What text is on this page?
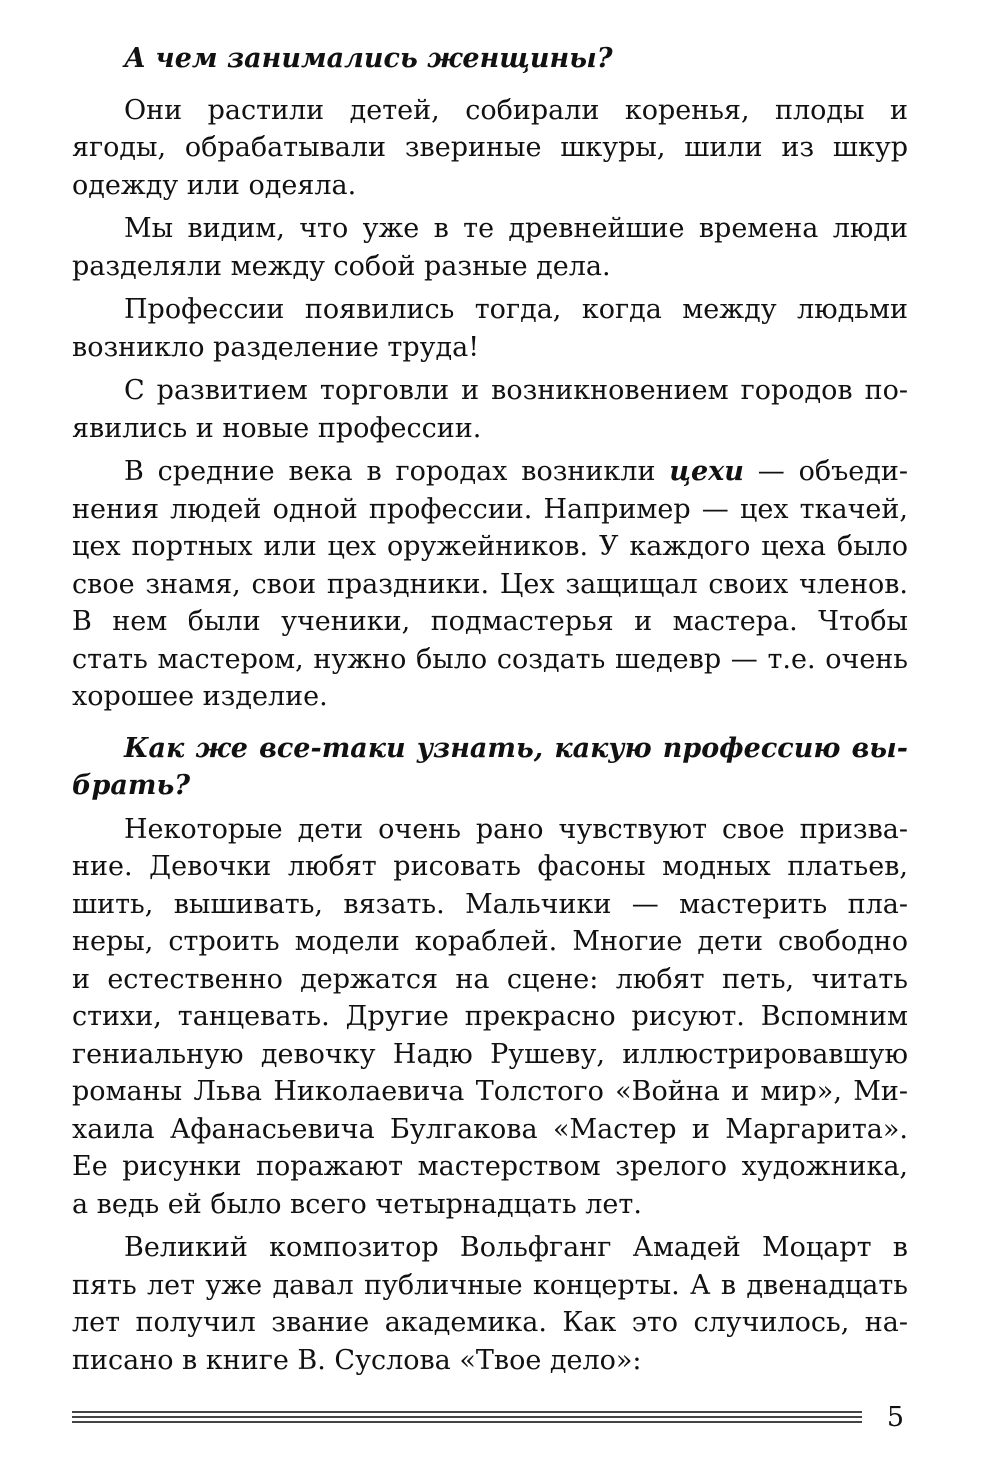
А чем занимались женщины?
Они растили детей, собирали коренья, плоды и
ягоды, обрабатывали звериные шкуры, шили из шкур
одежду или одеяла.
Мы видим, что уже в те древнейшие времена люди
разделяли между собой разные дела.
Профессии появились тогда, когда между людьми
возникло разделение труда!
С развитием торговли и возникновением городов по-
явились и новые профессии.
В средние века в городах возникли цехи — объеди-
нения людей одной профессии. Например — цех ткачей,
цех портных или цех оружейников. У каждого цеха было
свое знамя, свои праздники. Цех защищал своих членов.
В нем были ученики, подмастерья и мастера. Чтобы
стать мастером, нужно было создать шедевр — т.е. очень
хорошее изделие.
Как же все-таки узнать, какую профессию вы-
брать?
Некоторые дети очень рано чувствуют свое призва-
ние. Девочки любят рисовать фасоны модных платьев,
шить, вышивать, вязать. Мальчики — мастерить пла-
неры, строить модели кораблей. Многие дети свободно
и естественно держатся на сцене: любят петь, читать
стихи, танцевать. Другие прекрасно рисуют. Вспомним
гениальную девочку Надю Рушеву, иллюстрировавшую
романы Льва Николаевича Толстого «Война и мир», Ми-
хаила Афанасьевича Булгакова «Мастер и Маргарита».
Ее рисунки поражают мастерством зрелого художника,
а ведь ей было всего четырнадцать лет.
Великий композитор Вольфганг Амадей Моцарт в
пять лет уже давал публичные концерты. А в двенадцать
лет получил звание академика. Как это случилось, на-
писано в книге В. Суслова «Твое дело»:
5
